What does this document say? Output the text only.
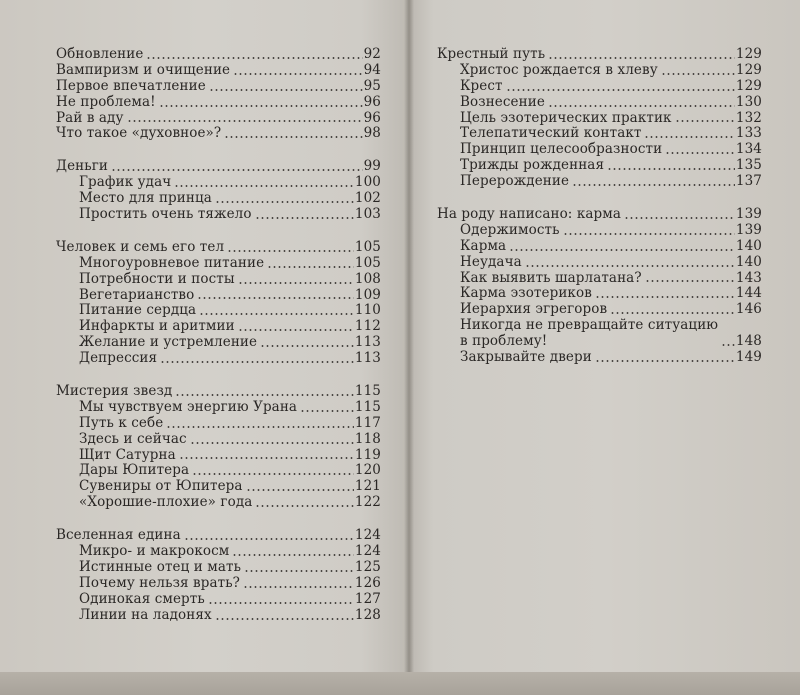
Обновление	92
Вампиризм и очищение	94
Первое впечатление	95
Не проблема!	96
Рай в аду	96
Что такое «духовное»?	98
Деньги	99
График удач	100
Место для принца	102
Простить очень тяжело	103
Человек и семь его тел	105
Многоуровневое питание	105
Потребности и посты	108
Вегетарианство	109
Питание сердца	110
Инфаркты и аритмии	112
Желание и устремление	113
Депрессия	113
Мистерия звезд	115
Мы чувствуем энергию Урана	115
Путь к себе	117
Здесь и сейчас	118
Щит Сатурна	119
Дары Юпитера	120
Сувениры от Юпитера	121
«Хорошие-плохие» года	122
Вселенная едина	124
Микро- и макрокосм	124
Истинные отец и мать	125
Почему нельзя врать?	126
Одинокая смерть	127
Линии на ладонях	128
Крестный путь	129
Христос рождается в хлеву	129
Крест	129
Вознесение	130
Цель эзотерических практик	132
Телепатический контакт	133
Принцип целесообразности	134
Трижды рожденная	135
Перерождение	137
На роду написано: карма	139
Одержимость	139
Карма	140
Неудача	140
Как выявить шарлатана?	143
Карма эзотериков	144
Иерархия эгрегоров	146
Никогда не превращайте ситуацию
в проблему!	148
Закрывайте двери	149
